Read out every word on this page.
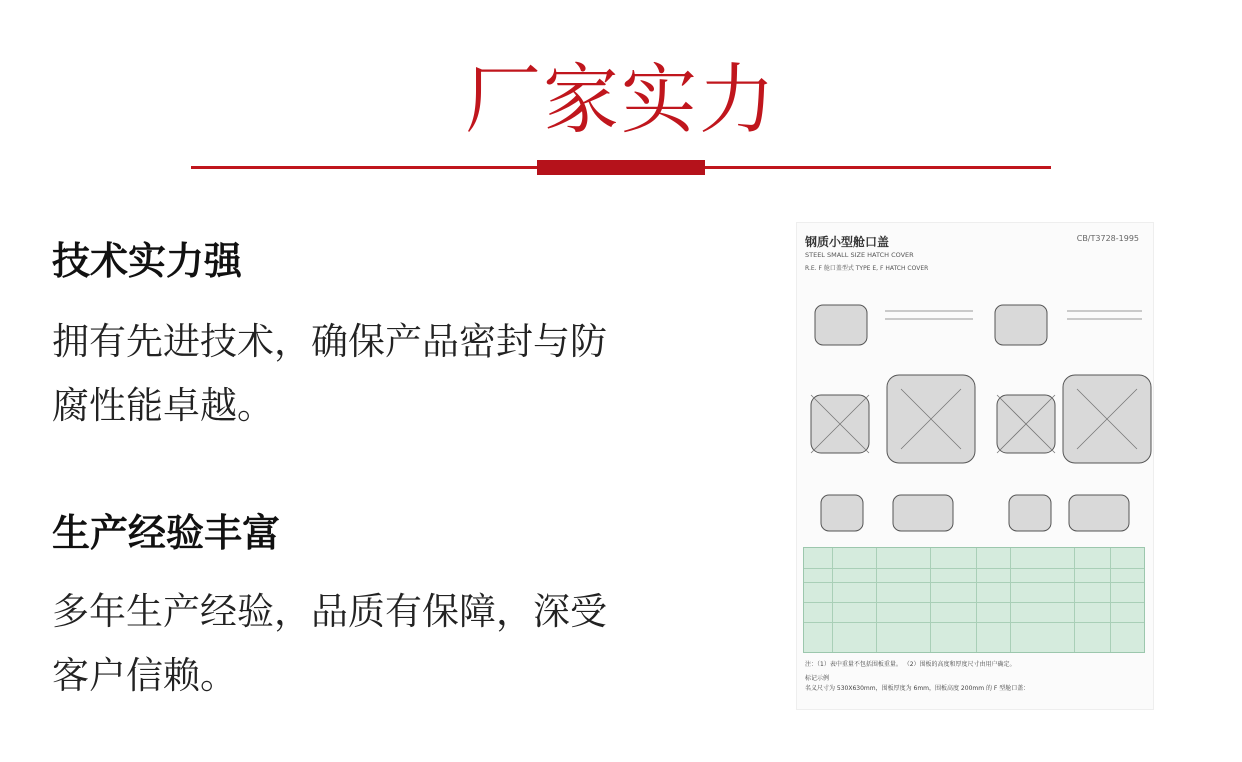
厂家实力
技术实力强
拥有先进技术，确保产品密封与防
腐性能卓越。
生产经验丰富
多年生产经验，品质有保障，深受
客户信赖。
钢质小型舱口盖	CB/T3728-1995
STEEL SMALL SIZE HATCH COVER
R.E. F 舱口盖型式 TYPE E, F HATCH COVER
注：（1）表中重量不包括围板重量。 （2）围板的高度和厚度尺寸由用户确定。
标记示例
名义尺寸为 530X630mm，围板厚度为 6mm，围板高度 200mm 的 F 型舱口盖：
